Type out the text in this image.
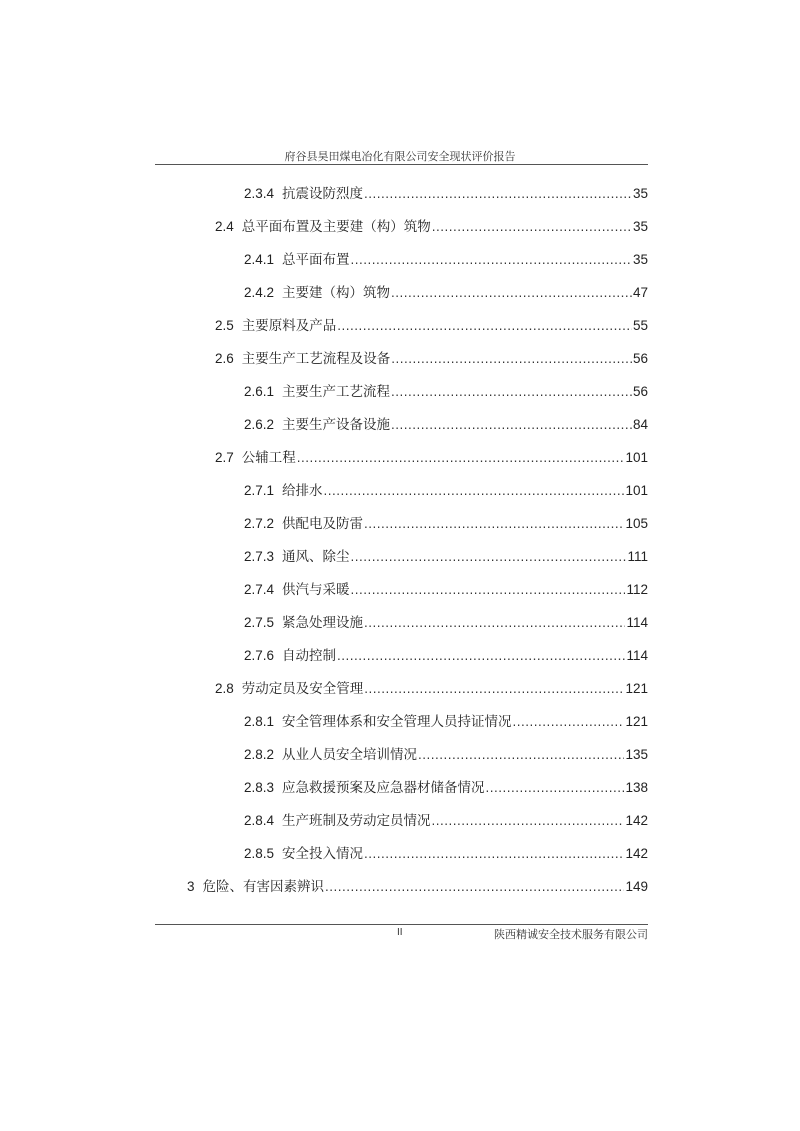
府谷县昊田煤电冶化有限公司安全现状评价报告
2.3.4 抗震设防烈度 .....	35
2.4 总平面布置及主要建（构）筑物 .....	35
2.4.1 总平面布置 .....	35
2.4.2 主要建（构）筑物 .....	47
2.5 主要原料及产品 .....	55
2.6 主要生产工艺流程及设备 .....	56
2.6.1 主要生产工艺流程 .....	56
2.6.2 主要生产设备设施 .....	84
2.7 公辅工程 .....	101
2.7.1 给排水 .....	101
2.7.2 供配电及防雷 .....	105
2.7.3 通风、除尘 .....	111
2.7.4 供汽与采暖 .....	112
2.7.5 紧急处理设施 .....	114
2.7.6 自动控制 .....	114
2.8 劳动定员及安全管理 .....	121
2.8.1 安全管理体系和安全管理人员持证情况 .....	121
2.8.2 从业人员安全培训情况 .....	135
2.8.3 应急救援预案及应急器材储备情况 .....	138
2.8.4 生产班制及劳动定员情况 .....	142
2.8.5 安全投入情况 .....	142
3 危险、有害因素辨识 .....	149
II	陕西精诚安全技术服务有限公司
